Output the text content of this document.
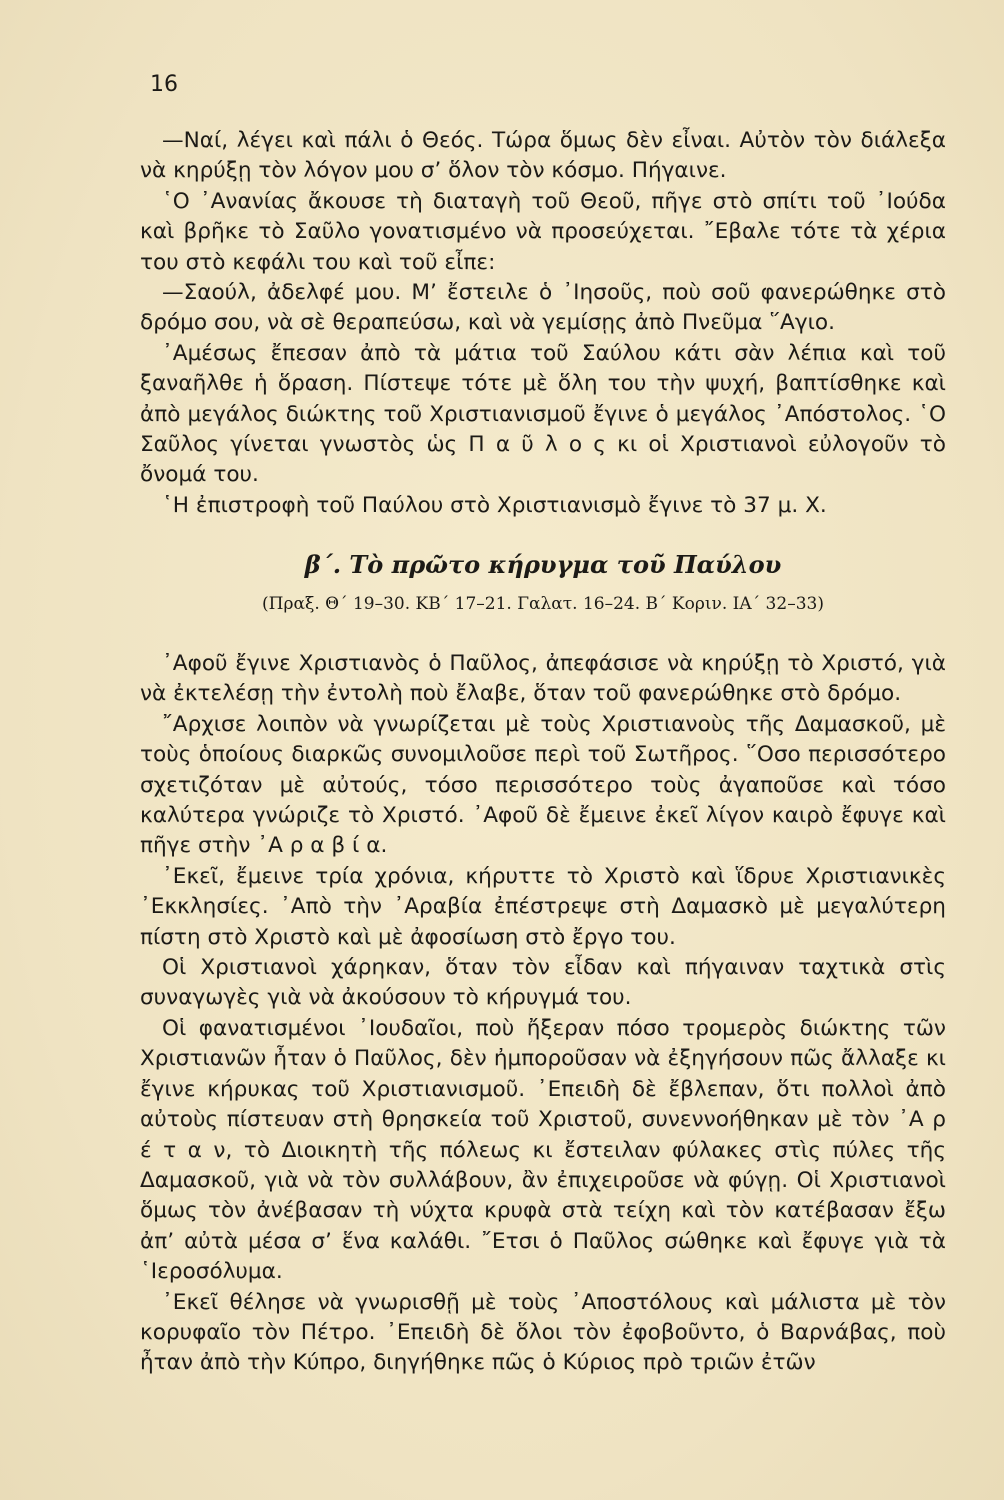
16

—Ναί, λέγει καὶ πάλι ὁ Θεός. Τώρα ὅμως δὲν εἶναι. Αὐτὸν τὸν διάλεξα νὰ κηρύξῃ τὸν λόγον μου σ’ ὅλον τὸν κόσμο. Πήγαινε.

῾Ο ᾿Ανανίας ἄκουσε τὴ διαταγὴ τοῦ Θεοῦ, πῆγε στὸ σπίτι τοῦ ᾿Ιούδα καὶ βρῆκε τὸ Σαῦλο γονατισμένο νὰ προσεύχεται. ῎Εβαλε τότε τὰ χέρια του στὸ κεφάλι του καὶ τοῦ εἶπε:

—Σαούλ, ἀδελφέ μου. Μ’ ἔστειλε ὁ ᾿Ιησοῦς, ποὺ σοῦ φανερώθηκε στὸ δρόμο σου, νὰ σὲ θεραπεύσω, καὶ νὰ γεμίσῃς ἀπὸ Πνεῦμα ῞Αγιο.

᾿Αμέσως ἔπεσαν ἀπὸ τὰ μάτια τοῦ Σαύλου κάτι σὰν λέπια καὶ τοῦ ξαναῆλθε ἡ ὅραση. Πίστεψε τότε μὲ ὅλη του τὴν ψυχή, βαπτίσθηκε καὶ ἀπὸ μεγάλος διώκτης τοῦ Χριστιανισμοῦ ἔγινε ὁ μεγάλος ᾿Απόστολος. ῾Ο Σαῦλος γίνεται γνωστὸς ὡς Π α ῦ λ ο ς κι οἱ Χριστιανοὶ εὐλογοῦν τὸ ὄνομά του.

῾Η ἐπιστροφὴ τοῦ Παύλου στὸ Χριστιανισμὸ ἔγινε τὸ 37 μ. Χ.

β΄. Τὸ πρῶτο κήρυγμα τοῦ Παύλου
(Πραξ. Θ΄ 19–30. ΚΒ΄ 17–21. Γαλατ. 16–24. Β΄ Κοριν. ΙΑ΄ 32–33)

᾿Αφοῦ ἔγινε Χριστιανὸς ὁ Παῦλος, ἀπεφάσισε νὰ κηρύξῃ τὸ Χριστό, γιὰ νὰ ἐκτελέσῃ τὴν ἐντολὴ ποὺ ἔλαβε, ὅταν τοῦ φανερώθηκε στὸ δρόμο.

῎Αρχισε λοιπὸν νὰ γνωρίζεται μὲ τοὺς Χριστιανοὺς τῆς Δαμασκοῦ, μὲ τοὺς ὁποίους διαρκῶς συνομιλοῦσε περὶ τοῦ Σωτῆρος. ῞Οσο περισσότερο σχετιζόταν μὲ αὐτούς, τόσο περισσότερο τοὺς ἀγαποῦσε καὶ τόσο καλύτερα γνώριζε τὸ Χριστό. ᾿Αφοῦ δὲ ἔμεινε ἐκεῖ λίγον καιρὸ ἔφυγε καὶ πῆγε στὴν ᾿Α ρ α β ί α.

᾿Εκεῖ, ἔμεινε τρία χρόνια, κήρυττε τὸ Χριστὸ καὶ ἵδρυε Χριστιανικὲς ᾿Εκκλησίες. ᾿Απὸ τὴν ᾿Αραβία ἐπέστρεψε στὴ Δαμασκὸ μὲ μεγαλύτερη πίστη στὸ Χριστὸ καὶ μὲ ἀφοσίωση στὸ ἔργο του.

Οἱ Χριστιανοὶ χάρηκαν, ὅταν τὸν εἶδαν καὶ πήγαιναν ταχτικὰ στὶς συναγωγὲς γιὰ νὰ ἀκούσουν τὸ κήρυγμά του.

Οἱ φανατισμένοι ᾿Ιουδαῖοι, ποὺ ἤξεραν πόσο τρομερὸς διώκτης τῶν Χριστιανῶν ἦταν ὁ Παῦλος, δὲν ἠμποροῦσαν νὰ ἐξηγήσουν πῶς ἄλλαξε κι ἔγινε κήρυκας τοῦ Χριστιανισμοῦ. ᾿Επειδὴ δὲ ἔβλεπαν, ὅτι πολλοὶ ἀπὸ αὐτοὺς πίστευαν στὴ θρησκεία τοῦ Χριστοῦ, συνεννοήθηκαν μὲ τὸν ᾿Α ρ έ τ α ν, τὸ Διοικητὴ τῆς πόλεως κι ἔστειλαν φύλακες στὶς πύλες τῆς Δαμασκοῦ, γιὰ νὰ τὸν συλλάβουν, ἂν ἐπιχειροῦσε νὰ φύγῃ. Οἱ Χριστιανοὶ ὅμως τὸν ἀνέβασαν τὴ νύχτα κρυφὰ στὰ τείχη καὶ τὸν κατέβασαν ἔξω ἀπ’ αὐτὰ μέσα σ’ ἕνα καλάθι. ῎Ετσι ὁ Παῦλος σώθηκε καὶ ἔφυγε γιὰ τὰ ῾Ιεροσόλυμα.

᾿Εκεῖ θέλησε νὰ γνωρισθῇ μὲ τοὺς ᾿Αποστόλους καὶ μάλιστα μὲ τὸν κορυφαῖο τὸν Πέτρο. ᾿Επειδὴ δὲ ὅλοι τὸν ἐφοβοῦντο, ὁ Βαρνάβας, ποὺ ἦταν ἀπὸ τὴν Κύπρο, διηγήθηκε πῶς ὁ Κύριος πρὸ τριῶν ἐτῶν
